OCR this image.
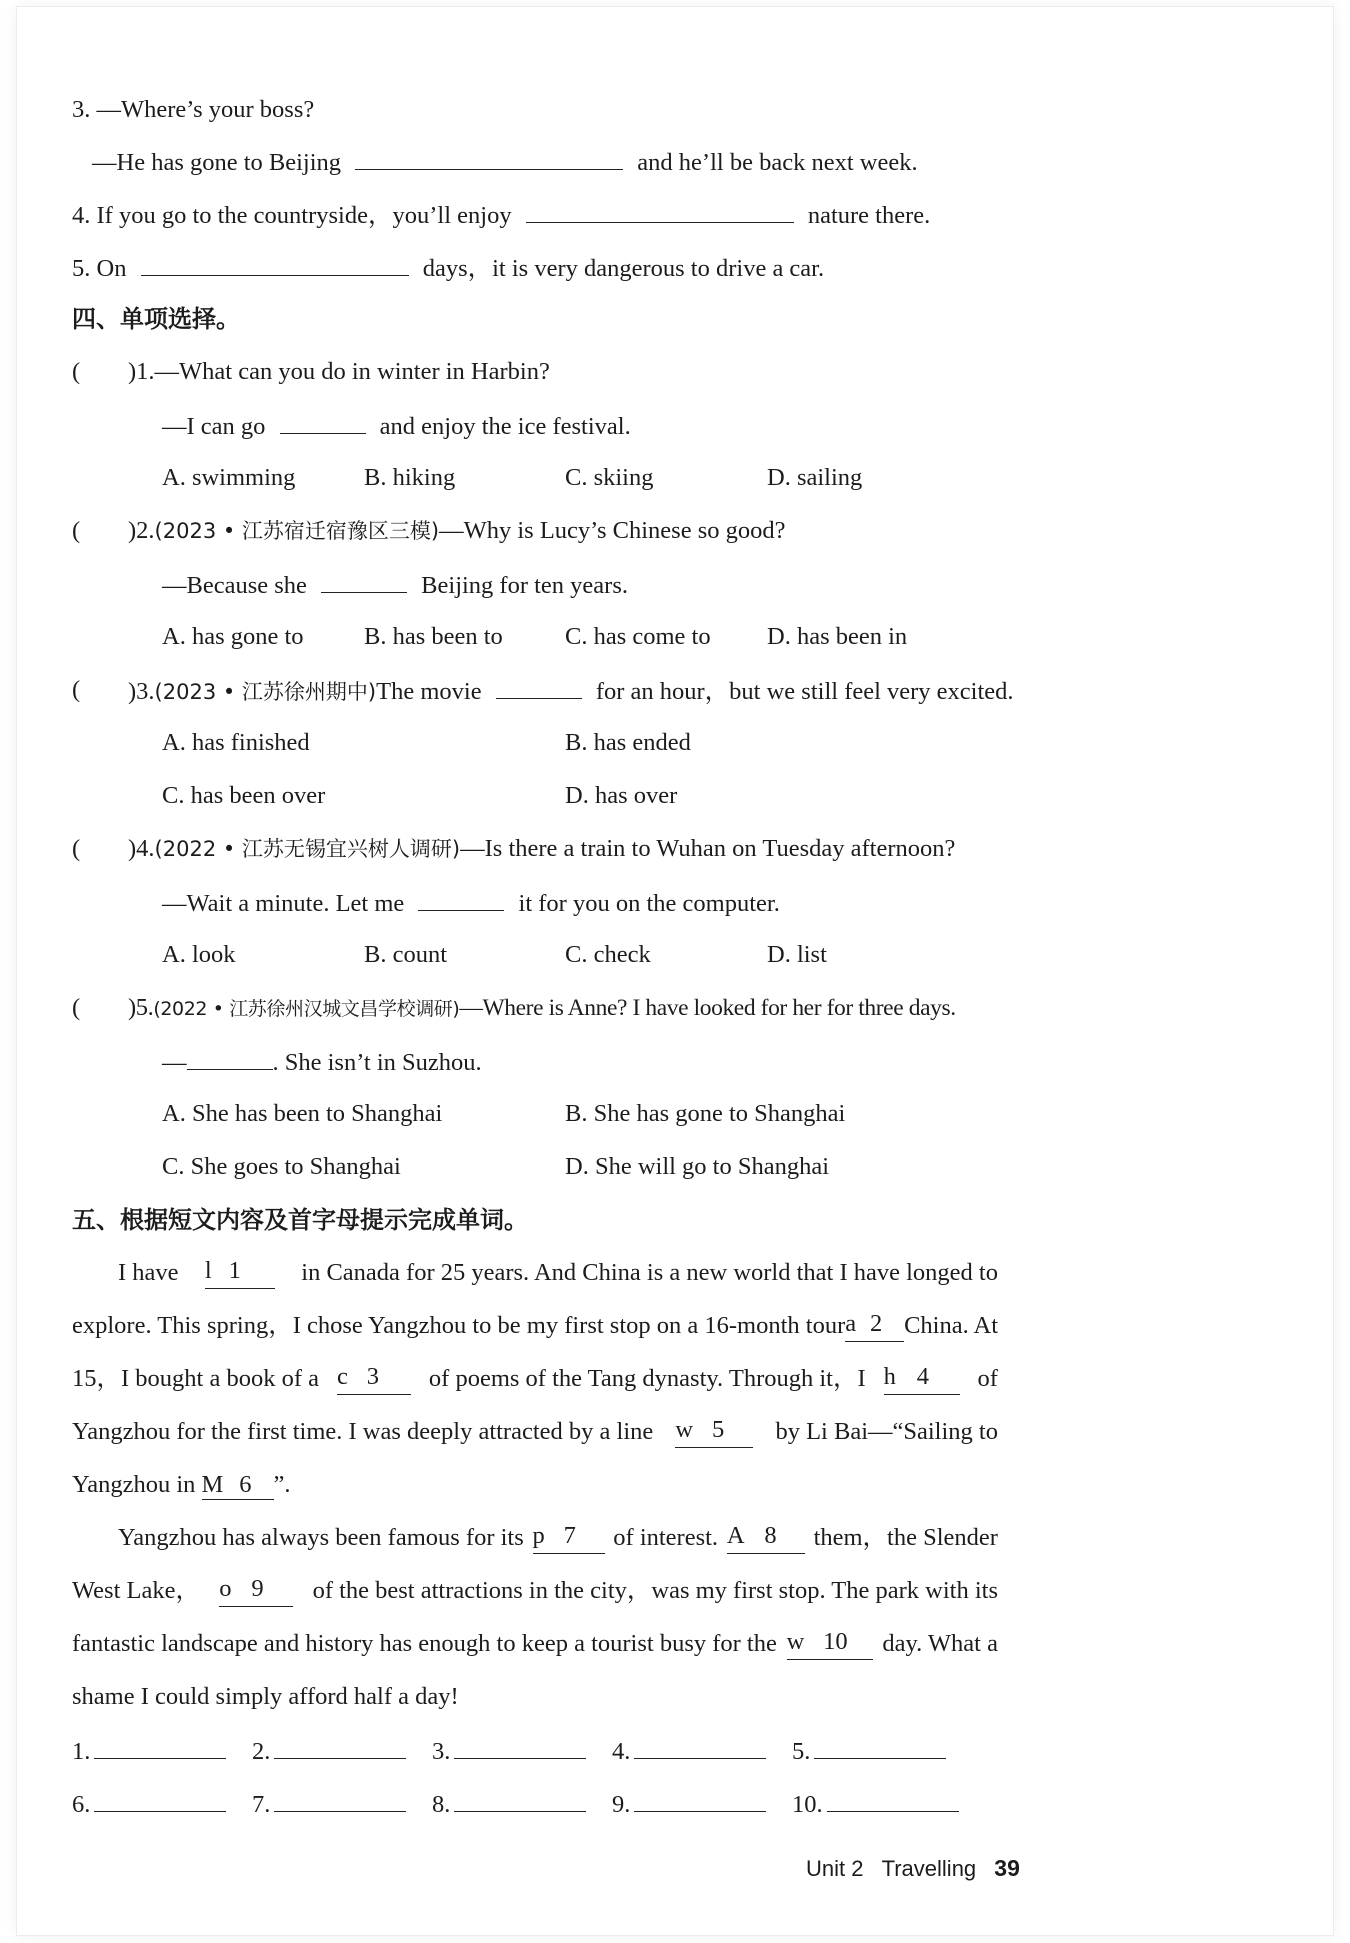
3. —Where’s your boss?
—He has gone to Beijing	and he’ll be back next week.
4. If you go to the countryside，you’ll enjoy	nature there.
5. On	days，it is very dangerous to drive a car.
四、单项选择。
( )1.—What can you do in winter in Harbin?
—I can go	and enjoy the ice festival.
A. swimming	B. hiking	C. skiing	D. sailing
( )2.(2023 • 江苏宿迁宿豫区三模)—Why is Lucy’s Chinese so good?
—Because she	Beijing for ten years.
A. has gone to B. has been to	C. has come to D. has been in
( )3.(2023 • 江苏徐州期中)The movie	for an hour，but we still feel very excited.
A. has finished	B. has ended
C. has been over	D. has over
( )4.(2022 • 江苏无锡宜兴树人调研)—Is there a train to Wuhan on Tuesday afternoon?
—Wait a minute. Let me	it for you on the computer.
A. look	B. count	C. check	D. list
( )5.(2022 • 江苏徐州汉城文昌学校调研)—Where is Anne? I have looked for her for three days.
—	. She isn’t in Suzhou.
A. She has been to Shanghai	B. She has gone to Shanghai
C. She goes to Shanghai	D. She will go to Shanghai
五、根据短文内容及首字母提示完成单词。
I have l 1	in Canada for 25 years. And China is a new world that I have longed to
explore. This spring，I chose Yangzhou to be my first stop on a 16-month tour a 2 China. At
15，I bought a book of a c 3	of poems of the Tang dynasty. Through it，I h 4	of
Yangzhou for the first time. I was deeply attracted by a line w 5	by Li Bai—“Sailing to
Yangzhou in M 6 ”.
Yangzhou has always been famous for its p 7	of interest. A 8	them，the Slender
West Lake， o 9	of the best attractions in the city，was my first stop. The park with its
fantastic landscape and history has enough to keep a tourist busy for the w 10	day. What a
shame I could simply afford half a day!
1.	2.	3.	4.	5.
6.	7.	8.	9.	10.
Unit 2 Travelling 39
